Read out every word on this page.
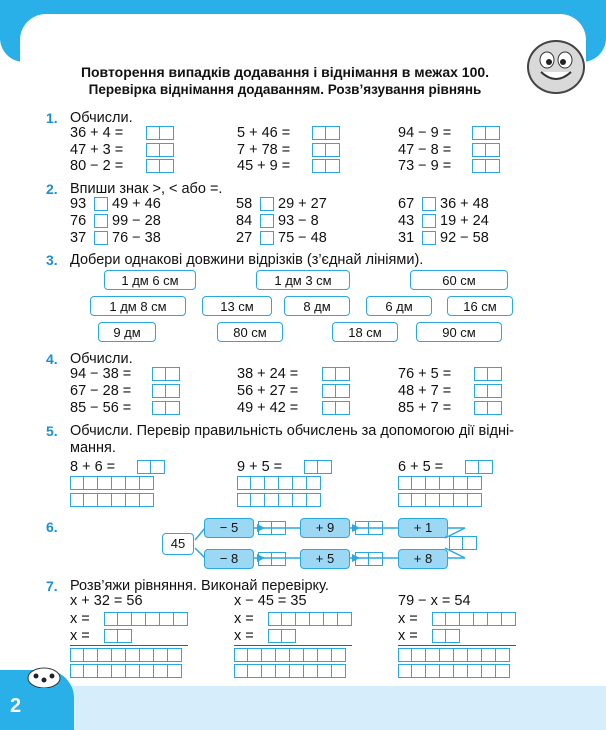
Повторення випадків додавання і віднімання в межах 100.
Перевірка віднімання додаванням. Розв’язування рівнянь
1. Обчисли.
2. Впиши знак >, < або =.
3. Добери однакові довжини відрізків (з’єднай лініями).
4. Обчисли.
5. Обчисли. Перевір правильність обчислень за допомогою дії відні-
мання.
6.
45
− 5	+ 9	+ 1
− 8	+ 5	+ 8
7. Розв’яжи рівняння. Виконай перевірку.
2
36 + 4 =	5 + 46 =	94 − 9 =
47 + 3 =	7 + 78 =	47 − 8 =
80 − 2 =	45 + 9 =	73 − 9 =
93 49 + 46	58 29 + 27	67 36 + 48
76 99 − 28	84 93 − 8	43 19 + 24
37 76 − 38	27 75 − 48	31 92 − 58
1 дм 6 см	1 дм 3 см	60 см
1 дм 8 см	13 см	8 дм	6 дм	16 см
9 дм	80 см	18 см	90 см
94 − 38 =	38 + 24 =	76 + 5 =
67 − 28 =	56 + 27 =	48 + 7 =
85 − 56 =	49 + 42 =	85 + 7 =
8 + 6 =	9 + 5 =	6 + 5 =
x + 32 = 56
x =
x =
x − 45 = 35
x =
x =
79 − x = 54
x =
x =
